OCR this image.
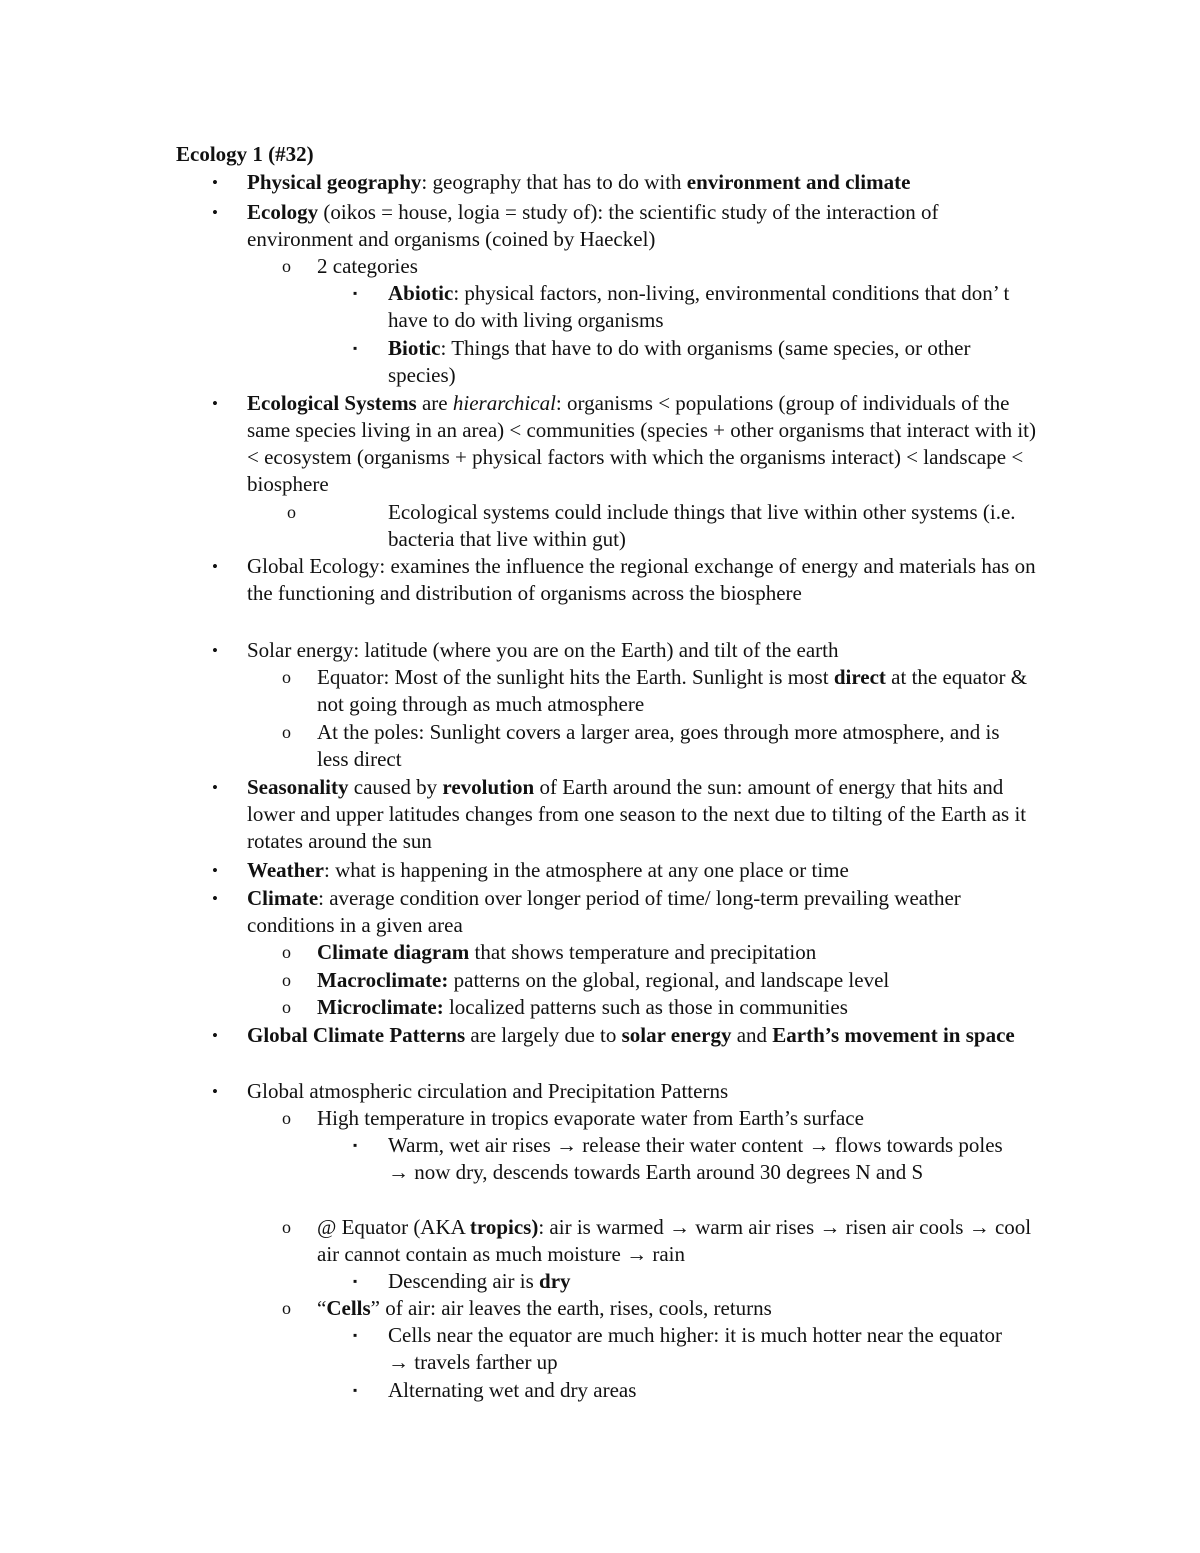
Ecology 1 (#32)

• Physical geography: geography that has to do with environment and climate
• Ecology (oikos = house, logia = study of): the scientific study of the interaction of environment and organisms (coined by Haeckel)
o 2 categories
▪ Abiotic: physical factors, non-living, environmental conditions that don’ t have to do with living organisms
▪ Biotic: Things that have to do with organisms (same species, or other species)
• Ecological Systems are hierarchical: organisms < populations (group of individuals of the same species living in an area) < communities (species + other organisms that interact with it) < ecosystem (organisms + physical factors with which the organisms interact) < landscape < biosphere
o	Ecological systems could include things that live within other systems (i.e. bacteria that live within gut)
• Global Ecology: examines the influence the regional exchange of energy and materials has on the functioning and distribution of organisms across the biosphere
• Solar energy: latitude (where you are on the Earth) and tilt of the earth
o Equator: Most of the sunlight hits the Earth. Sunlight is most direct at the equator & not going through as much atmosphere
o At the poles: Sunlight covers a larger area, goes through more atmosphere, and is less direct
• Seasonality caused by revolution of Earth around the sun: amount of energy that hits and lower and upper latitudes changes from one season to the next due to tilting of the Earth as it rotates around the sun
• Weather: what is happening in the atmosphere at any one place or time
• Climate: average condition over longer period of time/ long-term prevailing weather conditions in a given area
o Climate diagram that shows temperature and precipitation
o Macroclimate: patterns on the global, regional, and landscape level
o Microclimate: localized patterns such as those in communities
• Global Climate Patterns are largely due to solar energy and Earth’s movement in space
• Global atmospheric circulation and Precipitation Patterns
o High temperature in tropics evaporate water from Earth’s surface
▪ Warm, wet air rises → release their water content → flows towards poles → now dry, descends towards Earth around 30 degrees N and S
o @ Equator (AKA tropics): air is warmed → warm air rises → risen air cools → cool air cannot contain as much moisture → rain
▪ Descending air is dry
o “Cells” of air: air leaves the earth, rises, cools, returns
▪ Cells near the equator are much higher: it is much hotter near the equator → travels farther up
▪ Alternating wet and dry areas
